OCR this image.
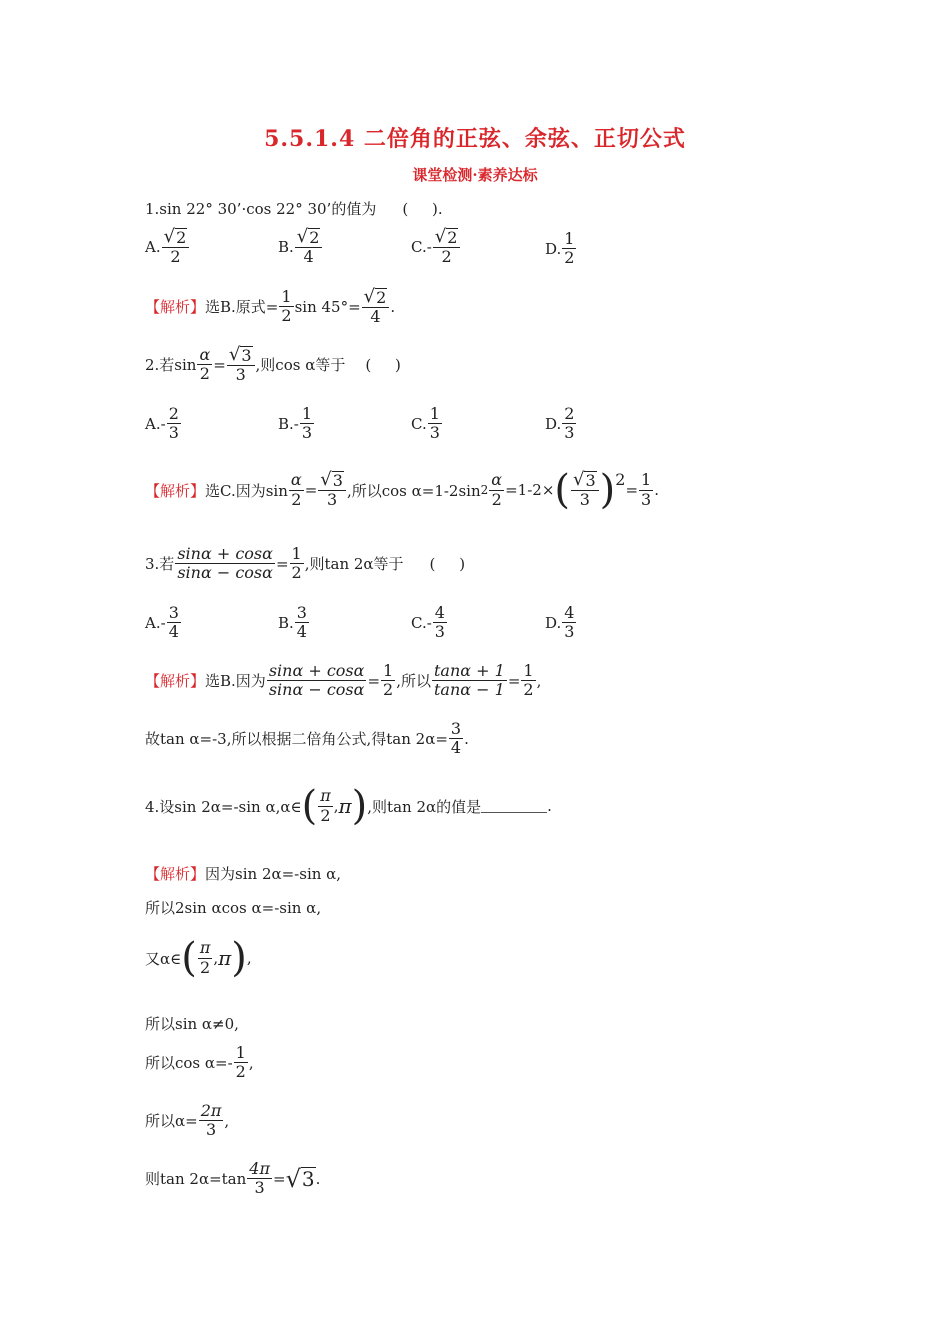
5.5.1.4 二倍角的正弦、余弦、正切公式
课堂检测·素养达标
1.sin 22° 30’·cos 22° 30’的值为 (     ).
A. $\frac{√ 2}{2}$	B. $\frac{√ 2}{4}$	C. - $\frac{√ 2}{2}$	D. $\frac{1}{2}$
【解析】 选B.原式= $\frac{1}{2}$ $\sin 45^\circ= \frac{√ 2}{4}$ .
2.若$\sin \frac{\alpha}{2} = \frac{√ 3}{3}$ ,则cos α等于 (     )
A. - $\frac{2}{3}$	B. - $\frac{1}{3}$	C. $\frac{1}{3}$	D. $\frac{2}{3}$
【解析】 选C.因为$\sin \frac{\alpha}{2} = \frac{√ 3}{3}$ ,所以cos α=1-2sin $2 \frac{\alpha}{2} =1-2\times$ ( $\frac{√ 3}{3}$ ) 2
= $\frac{1}{3}$ .
3.若 $\frac{\sin\alpha + \cos\alpha}{\sin\alpha - \cos\alpha} = \frac{1}{2}$ ,则tan 2α等于 (     )
A. - $\frac{3}{4}$	B. $\frac{3}{4}$	C. - $\frac{4}{3}$	D. $\frac{4}{3}$
【解析】 选B.因为 $\frac{\sin\alpha + \cos\alpha}{\sin\alpha - \cos\alpha} = \frac{1}{2}$ ,所以 $\frac{\tan\alpha + 1}{\tan\alpha - 1} = \frac{1}{2}$ ,
故tan α=-3,所以根据二倍角公式,得$\tan 2\alpha= \frac{3}{4}$ .
4.设sin 2α=-sin α,α∈ ( $\frac{\pi}{2}$ , π ) ,则tan 2α的值是	.
【解析】 因为sin 2α=-sin α,
所以2sin αcos α=-sin α,
又α∈ ( $\frac{\pi}{2}$ , π ) ,
所以sin α≠0,
所以$\cos \alpha=- \frac{1}{2}$ ,
所以$\alpha= \frac{2\pi}{3}$ ,
则$\tan 2\alpha=\tan \frac{4\pi}{3}$ = √ 3 .
